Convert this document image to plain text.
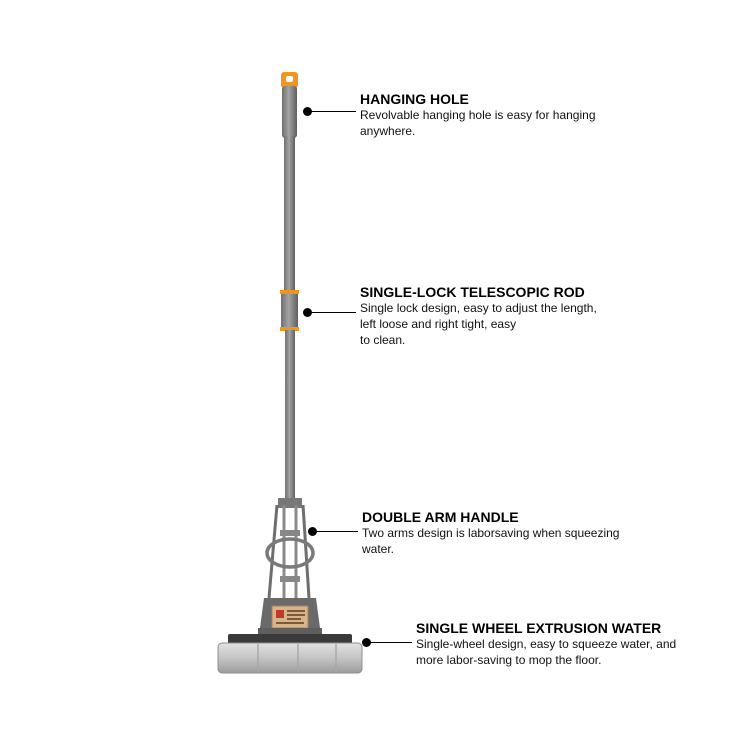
HANGING HOLE
Revolvable hanging hole is easy for hanging
anywhere.
SINGLE-LOCK TELESCOPIC ROD
Single lock design, easy to adjust the length,
left loose and right tight, easy
to clean.
DOUBLE ARM HANDLE
Two arms design is laborsaving when squeezing
water.
SINGLE WHEEL EXTRUSION WATER
Single-wheel design, easy to squeeze water, and
more labor-saving to mop the floor.
